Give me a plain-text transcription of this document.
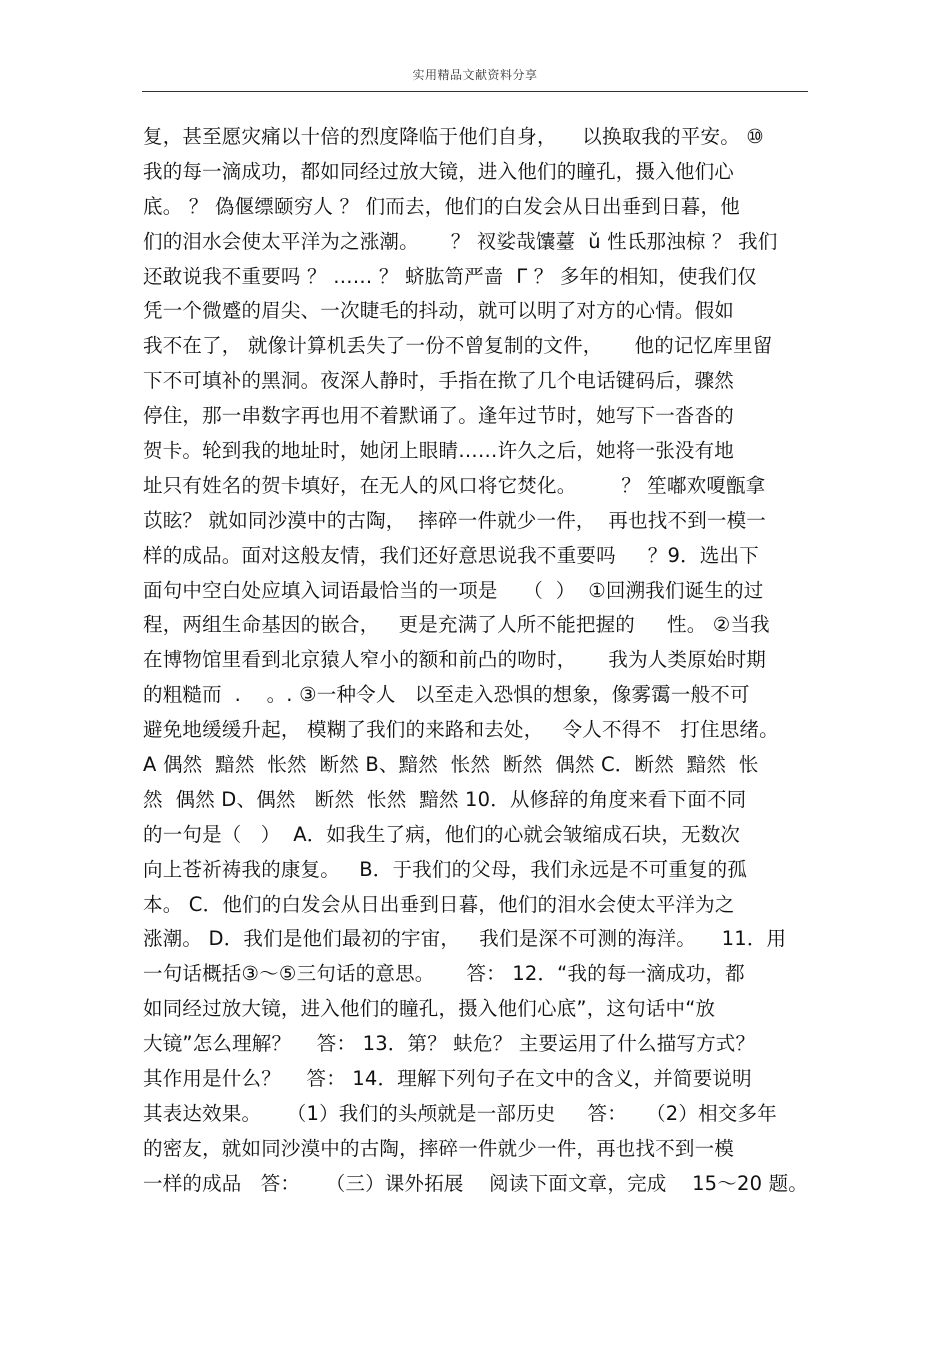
实用精品文献资料分享
复，甚至愿灾痛以十倍的烈度降临于他们自身，    以换取我的平安。 ⑩
我的每一滴成功，都如同经过放大镜，进入他们的瞳孔，摄入他们心
底。 ？ 偽偃缥颐穷人 ？ 们而去，他们的白发会从日出垂到日暮，他
们的泪水会使太平洋为之涨潮。     ？ 衩娑哉馕薹  ǔ 性氐那浊椋 ？ 我们
还敢说我不重要吗 ？ …… ？ 蛴肱笥严啬  Γ ？ 多年的相知，使我们仅
凭一个微蹙的眉尖、一次睫毛的抖动，就可以明了对方的心情。假如
我不在了， 就像计算机丢失了一份不曾复制的文件，     他的记忆库里留
下不可填补的黑洞。夜深人静时，手指在揿了几个电话键码后，骤然
停住，那一串数字再也用不着默诵了。逢年过节时，她写下一沓沓的
贺卡。轮到我的地址时，她闭上眼睛……许久之后，她将一张没有地
址只有姓名的贺卡填好，在无人的风口将它焚化。       ？ 笙嘟欢嗄甑拿
苡眩？ 就如同沙漠中的古陶，  摔碎一件就少一件，  再也找不到一模一
样的成品。面对这般友情，我们还好意思说我不重要吗     ？9．选出下
面句中空白处应填入词语最恰当的一项是    （  ）  ①回溯我们诞生的过
程，两组生命基因的嵌合，   更是充满了人所不能把握的     性。 ②当我
在博物馆里看到北京猿人窄小的额和前凸的吻时，     我为人类原始时期
的粗糙而  .    。. ③一种令人   以至走入恐惧的想象，像雾霭一般不可
避免地缓缓升起， 模糊了我们的来路和去处，   令人不得不   打住思绪。
A 偶然  黯然  怅然  断然 B、黯然  怅然  断然  偶然 C．断然  黯然  怅
然  偶然 D、偶然   断然  怅然  黯然 10．从修辞的角度来看下面不同
的一句是（   ）  A．如我生了病，他们的心就会皱缩成石块，无数次
向上苍祈祷我的康复。   B．于我们的父母，我们永远是不可重复的孤
本。 C．他们的白发会从日出垂到日暮，他们的泪水会使太平洋为之
涨潮。 D．我们是他们最初的宇宙，   我们是深不可测的海洋。    11．用
一句话概括③～⑤三句话的意思。     答： 12．“我的每一滴成功，都
如同经过放大镜，进入他们的瞳孔，摄入他们心底”，这句话中“放
大镜”怎么理解？    答： 13．第？ 蚨危？ 主要运用了什么描写方式？
其作用是什么？    答： 14．理解下列句子在文中的含义，并简要说明
其表达效果。    （1）我们的头颅就是一部历史     答：   （2）相交多年
的密友，就如同沙漠中的古陶，摔碎一件就少一件，再也找不到一模
一样的成品   答：    （三）课外拓展    阅读下面文章，完成    15～20 题。
